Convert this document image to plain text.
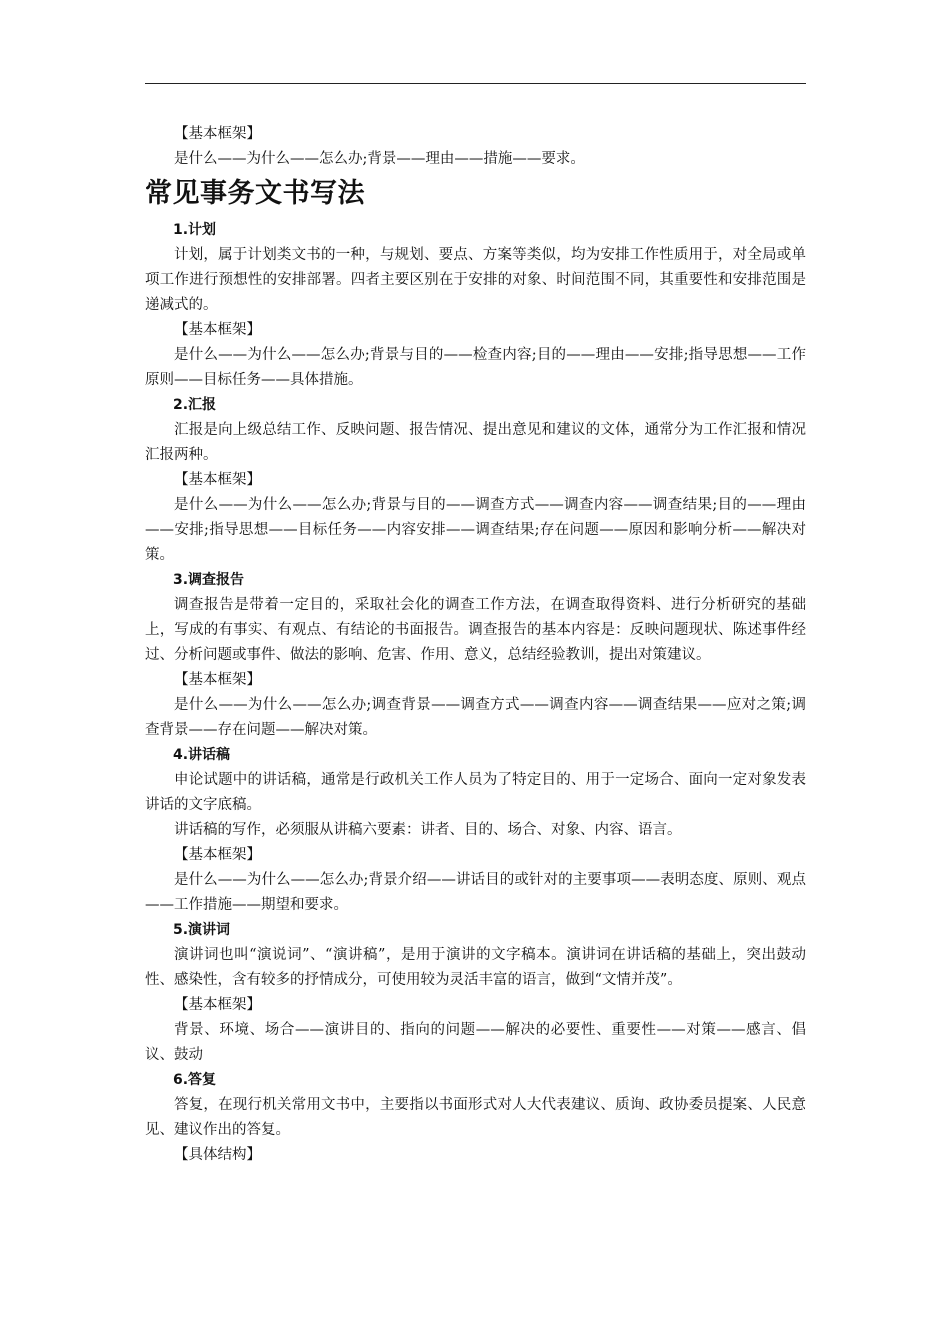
【基本框架】

是什么——为什么——怎么办;背景——理由——措施——要求。

常见事务文书写法

1.计划

计划，属于计划类文书的一种，与规划、要点、方案等类似，均为安排工作性质用于，对全局或单项工作进行预想性的安排部署。四者主要区别在于安排的对象、时间范围不同，其重要性和安排范围是递减式的。

【基本框架】

是什么——为什么——怎么办;背景与目的——检查内容;目的——理由——安排;指导思想——工作原则——目标任务——具体措施。

2.汇报

汇报是向上级总结工作、反映问题、报告情况、提出意见和建议的文体，通常分为工作汇报和情况汇报两种。

【基本框架】

是什么——为什么——怎么办;背景与目的——调查方式——调查内容——调查结果;目的——理由——安排;指导思想——目标任务——内容安排——调查结果;存在问题——原因和影响分析——解决对策。

3.调查报告

调查报告是带着一定目的，采取社会化的调查工作方法，在调查取得资料、进行分析研究的基础上，写成的有事实、有观点、有结论的书面报告。调查报告的基本内容是：反映问题现状、陈述事件经过、分析问题或事件、做法的影响、危害、作用、意义，总结经验教训，提出对策建议。

【基本框架】

是什么——为什么——怎么办;调查背景——调查方式——调查内容——调查结果——应对之策;调查背景——存在问题——解决对策。

4.讲话稿

申论试题中的讲话稿，通常是行政机关工作人员为了特定目的、用于一定场合、面向一定对象发表讲话的文字底稿。

讲话稿的写作，必须服从讲稿六要素：讲者、目的、场合、对象、内容、语言。

【基本框架】

是什么——为什么——怎么办;背景介绍——讲话目的或针对的主要事项——表明态度、原则、观点——工作措施——期望和要求。

5.演讲词

演讲词也叫“演说词”、“演讲稿”，是用于演讲的文字稿本。演讲词在讲话稿的基础上，突出鼓动性、感染性，含有较多的抒情成分，可使用较为灵活丰富的语言，做到“文情并茂”。

【基本框架】

背景、环境、场合——演讲目的、指向的问题——解决的必要性、重要性——对策——感言、倡议、鼓动

6.答复

答复，在现行机关常用文书中，主要指以书面形式对人大代表建议、质询、政协委员提案、人民意见、建议作出的答复。

【具体结构】
